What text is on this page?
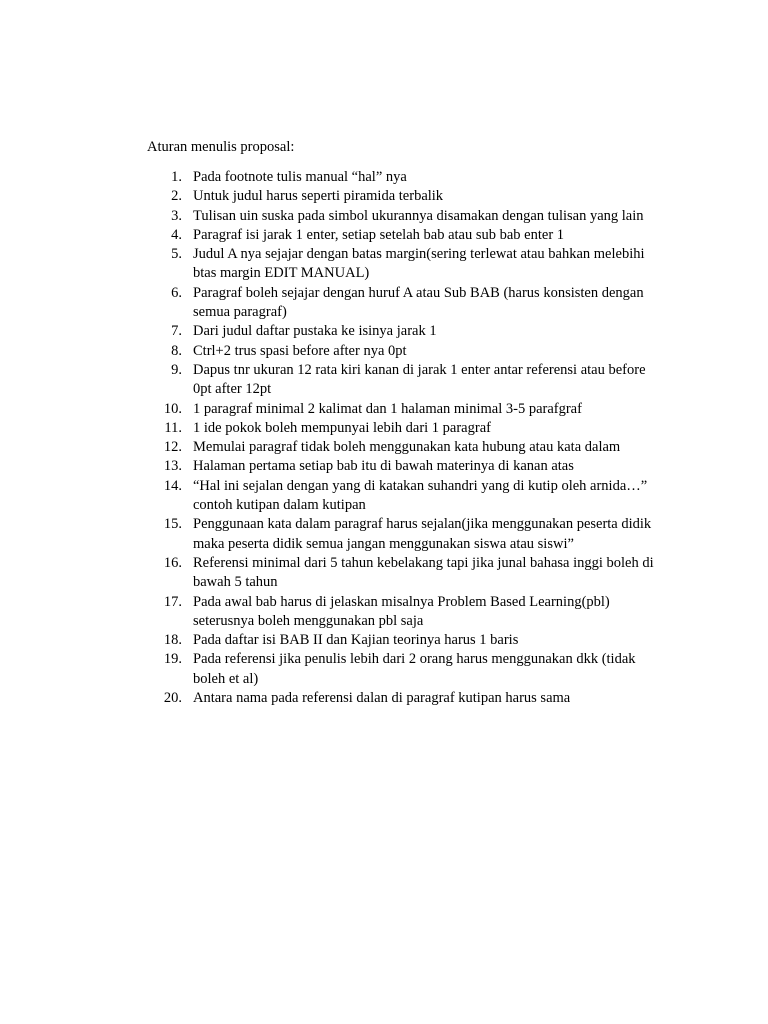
Aturan menulis proposal:
1. Pada footnote tulis manual “hal” nya
2. Untuk judul harus seperti piramida terbalik
3. Tulisan uin suska pada simbol ukurannya disamakan dengan tulisan yang lain
4. Paragraf isi jarak 1 enter, setiap setelah bab atau sub bab enter 1
5. Judul A nya sejajar dengan batas margin(sering terlewat atau bahkan melebihi btas margin EDIT MANUAL)
6. Paragraf boleh sejajar dengan huruf A atau Sub BAB (harus konsisten dengan semua paragraf)
7. Dari judul daftar pustaka ke isinya jarak 1
8. Ctrl+2 trus spasi before after nya 0pt
9. Dapus tnr ukuran 12 rata kiri kanan di jarak 1 enter antar referensi atau before 0pt after 12pt
10. 1 paragraf minimal 2 kalimat dan 1 halaman minimal 3-5 parafgraf
11. 1 ide pokok boleh mempunyai lebih dari 1 paragraf
12. Memulai paragraf tidak boleh menggunakan kata hubung atau kata dalam
13. Halaman pertama setiap bab itu di bawah materinya di kanan atas
14. “Hal ini sejalan dengan yang di katakan suhandri yang di kutip oleh arnida…” contoh kutipan dalam kutipan
15. Penggunaan kata dalam paragraf harus sejalan(jika menggunakan peserta didik maka peserta didik semua jangan menggunakan siswa atau siswi”
16. Referensi minimal dari 5 tahun kebelakang tapi jika junal bahasa inggi boleh di bawah 5 tahun
17. Pada awal bab harus di jelaskan misalnya Problem Based Learning(pbl) seterusnya boleh menggunakan pbl saja
18. Pada daftar isi BAB II dan Kajian teorinya harus 1 baris
19. Pada referensi jika penulis lebih dari 2 orang harus menggunakan dkk (tidak boleh et al)
20. Antara nama pada referensi dalan di paragraf kutipan harus sama
